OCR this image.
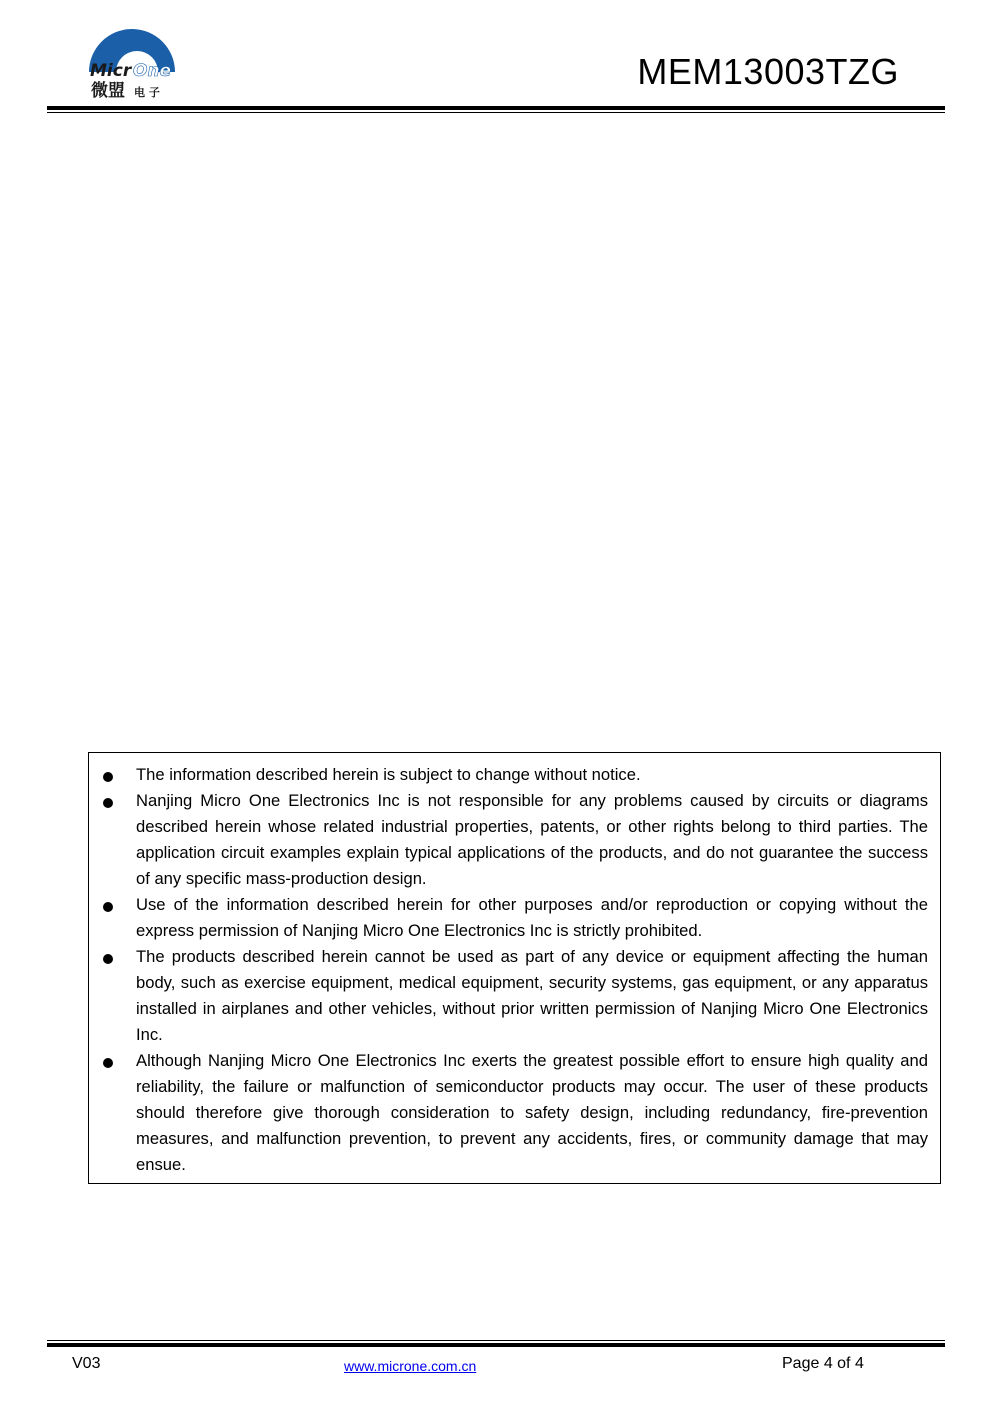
Micr One
微盟 电 子
MEM13003TZG
The information described herein is subject to change without notice.
Nanjing Micro One Electronics Inc is not responsible for any problems caused by circuits or diagrams described herein whose related industrial properties, patents, or other rights belong to third parties. The application circuit examples explain typical applications of the products, and do not guarantee the success of any specific mass-production design.
Use of the information described herein for other purposes and/or reproduction or copying without the express permission of Nanjing Micro One Electronics Inc is strictly prohibited.
The products described herein cannot be used as part of any device or equipment affecting the human body, such as exercise equipment, medical equipment, security systems, gas equipment, or any apparatus installed in airplanes and other vehicles, without prior written permission of Nanjing Micro One Electronics Inc.
Although Nanjing Micro One Electronics Inc exerts the greatest possible effort to ensure high quality and reliability, the failure or malfunction of semiconductor products may occur. The user of these products should therefore give thorough consideration to safety design, including redundancy, fire-prevention measures, and malfunction prevention, to prevent any accidents, fires, or community damage that may ensue.
V03	www.microne.com.cn	Page 4 of 4
